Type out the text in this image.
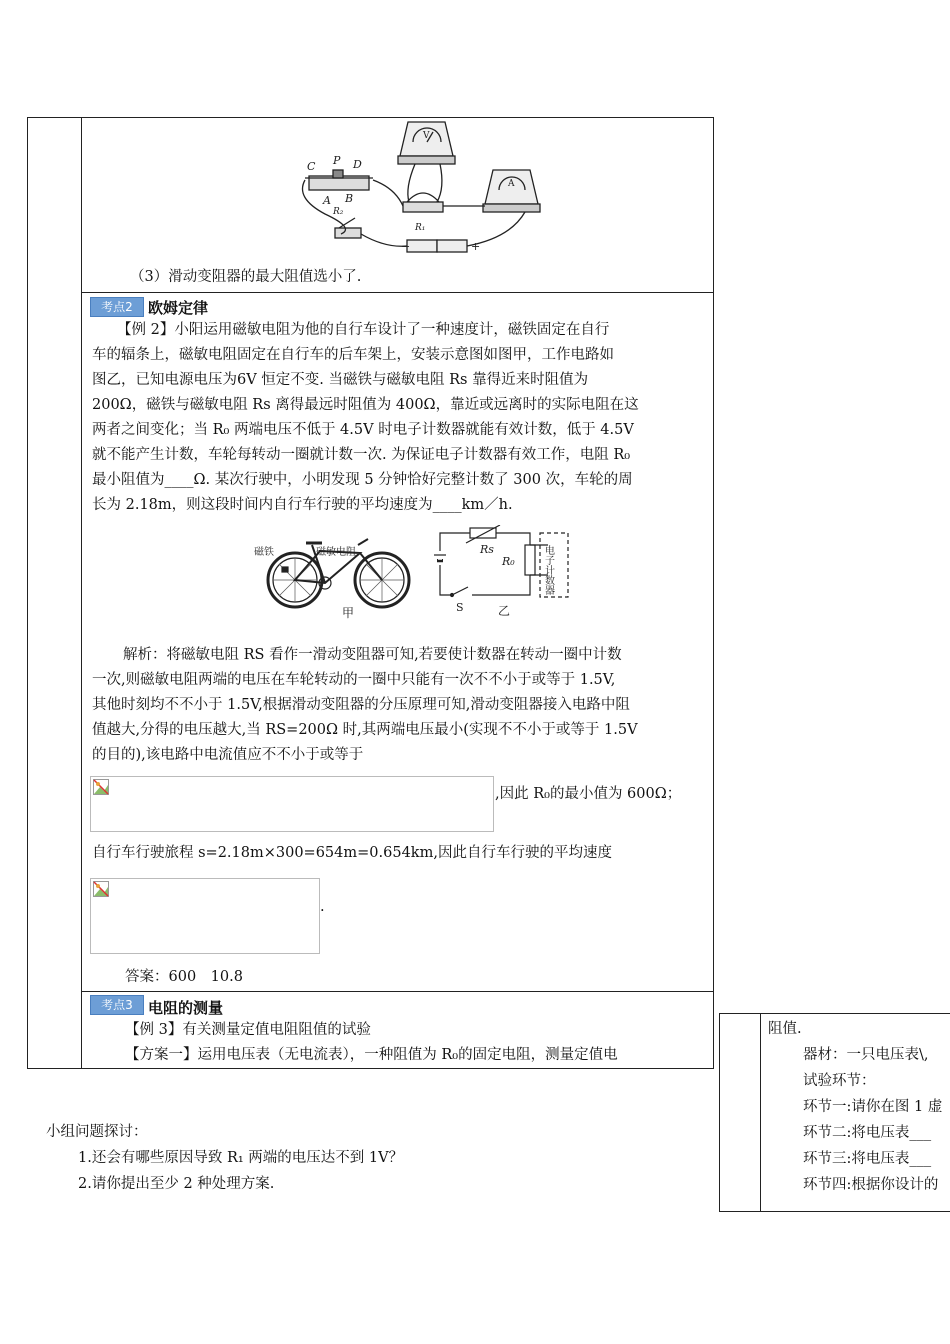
C P D
A B
R₂
R₁
−	+
V
A
（3）滑动变阻器的最大阻值选小了.
考点2	欧姆定律
【例 2】小阳运用磁敏电阻为他的自行车设计了一种速度计，磁铁固定在自行
车的辐条上，磁敏电阻固定在自行车的后车架上，安装示意图如图甲，工作电路如
图乙，已知电源电压为6V 恒定不变. 当磁铁与磁敏电阻 Rs 靠得近来时阻值为
200Ω，磁铁与磁敏电阻 Rs 离得最远时阻值为 400Ω，靠近或远离时的实际电阻在这
两者之间变化；当 R₀ 两端电压不低于 4.5V 时电子计数器就能有效计数，低于 4.5V
就不能产生计数，车轮每转动一圈就计数一次. 为保证电子计数器有效工作，电阻 R₀
最小阻值为____Ω. 某次行驶中，小明发现 5 分钟恰好完整计数了 300 次，车轮的周
长为 2.18m，则这段时间内自行车行驶的平均速度为____km／h.
磁铁	磁敏电阻
甲
Rs
R₀
S	乙
电子计数器
解析：将磁敏电阻 RS 看作一滑动变阻器可知,若要使计数器在转动一圈中计数
一次,则磁敏电阻两端的电压在车轮转动的一圈中只能有一次不不小于或等于 1.5V,
其他时刻均不不小于 1.5V,根据滑动变阻器的分压原理可知,滑动变阻器接入电路中阻
值越大,分得的电压越大,当 RS=200Ω 时,其两端电压最小(实现不不小于或等于 1.5V
的目的),该电路中电流值应不不小于或等于
,因此 R₀的最小值为 600Ω；
自行车行驶旅程 s=2.18m×300=654m=0.654km,因此自行车行驶的平均速度
.
答案：600　10.8
考点3	电阻的测量
【例 3】有关测量定值电阻阻值的试验
【方案一】运用电压表（无电流表），一种阻值为 R₀的固定电阻，测量定值电
小组问题探讨：
1.还会有哪些原因导致 R₁ 两端的电压达不到 1V？
2.请你提出至少 2 种处理方案.
阻值.
器材：一只电压表\,
试验环节：
环节一:请你在图 1 虚
环节二:将电压表___
环节三:将电压表___
环节四:根据你设计的
